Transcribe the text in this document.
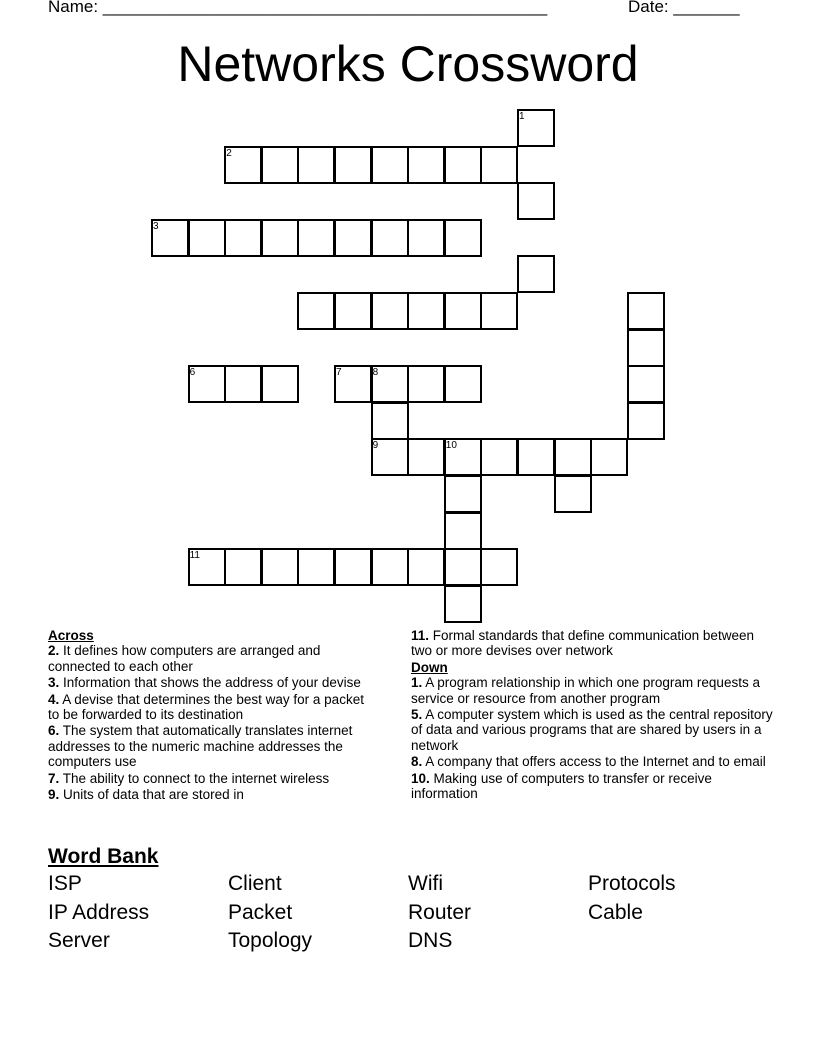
Name: _______________________________________________	Date: _______
Networks Crossword
1
2
3
6	7	8
9	10
11
Across
2. It defines how computers are arranged and connected to each other
3. Information that shows the address of your devise
4. A devise that determines the best way for a packet to be forwarded to its destination
6. The system that automatically translates internet addresses to the numeric machine addresses the computers use
7. The ability to connect to the internet wireless
9. Units of data that are stored in
11. Formal standards that define communication between two or more devises over network
Down
1. A program relationship in which one program requests a service or resource from another program
5. A computer system which is used as the central repository of data and various programs that are shared by users in a network
8. A company that offers access to the Internet and to email
10. Making use of computers to transfer or receive information
Word Bank
ISP	Client	Wifi	Protocols
IP Address	Packet	Router	Cable
Server	Topology	DNS
